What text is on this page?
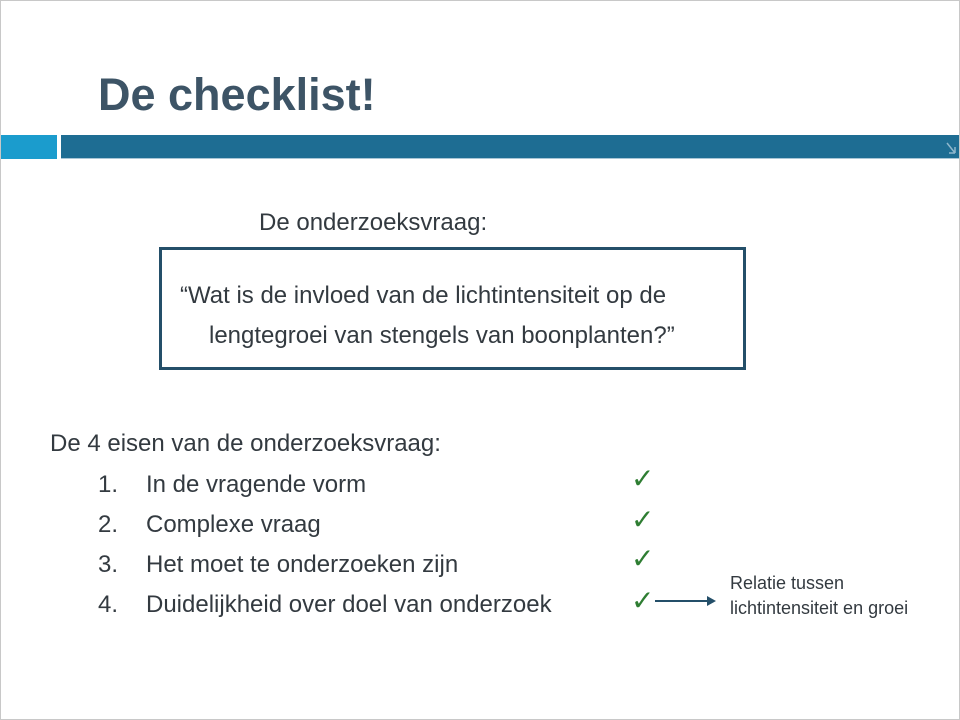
De checklist!
De onderzoeksvraag:
“Wat is de invloed van de lichtintensiteit op de
lengtegroei van stengels van boonplanten?”
De 4 eisen van de onderzoeksvraag:
1. In de vragende vorm	✓
2. Complexe vraag	✓
3. Het moet te onderzoeken zijn	✓
4. Duidelijkheid over doel van onderzoek	✓
Relatie tussen
lichtintensiteit en groei
